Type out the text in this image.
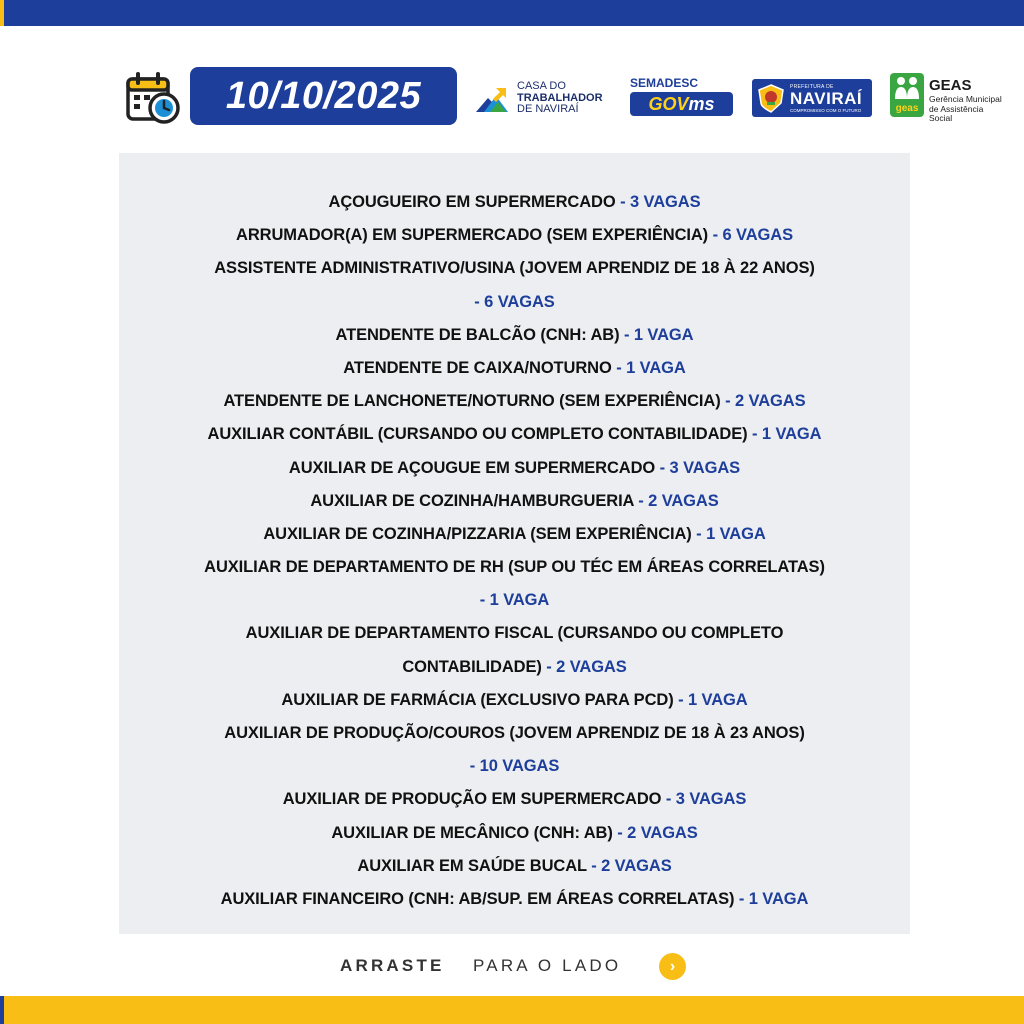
10/10/2025	CASA DO
TRABALHADOR
DE NAVIRAÍ
SEMADESC
GOV ms
PREFEITURA DE
NAVIRAÍ
COMPROMISSO COM O FUTURO	geas
GEAS
Gerência Municipal
de Assistência Social
AÇOUGUEIRO EM SUPERMERCADO - 3 VAGAS
ARRUMADOR(A) EM SUPERMERCADO (SEM EXPERIÊNCIA) - 6 VAGAS
ASSISTENTE ADMINISTRATIVO/USINA (JOVEM APRENDIZ DE 18 À 22 ANOS)
- 6 VAGAS
ATENDENTE DE BALCÃO (CNH: AB) - 1 VAGA
ATENDENTE DE CAIXA/NOTURNO - 1 VAGA
ATENDENTE DE LANCHONETE/NOTURNO (SEM EXPERIÊNCIA) - 2 VAGAS
AUXILIAR CONTÁBIL (CURSANDO OU COMPLETO CONTABILIDADE) - 1 VAGA
AUXILIAR DE AÇOUGUE EM SUPERMERCADO - 3 VAGAS
AUXILIAR DE COZINHA/HAMBURGUERIA - 2 VAGAS
AUXILIAR DE COZINHA/PIZZARIA (SEM EXPERIÊNCIA) - 1 VAGA
AUXILIAR DE DEPARTAMENTO DE RH (SUP OU TÉC EM ÁREAS CORRELATAS)
- 1 VAGA
AUXILIAR DE DEPARTAMENTO FISCAL (CURSANDO OU COMPLETO
CONTABILIDADE) - 2 VAGAS
AUXILIAR DE FARMÁCIA (EXCLUSIVO PARA PCD) - 1 VAGA
AUXILIAR DE PRODUÇÃO/COUROS (JOVEM APRENDIZ DE 18 À 23 ANOS)
- 10 VAGAS
AUXILIAR DE PRODUÇÃO EM SUPERMERCADO - 3 VAGAS
AUXILIAR DE MECÂNICO (CNH: AB) - 2 VAGAS
AUXILIAR EM SAÚDE BUCAL - 2 VAGAS
AUXILIAR FINANCEIRO (CNH: AB/SUP. EM ÁREAS CORRELATAS) - 1 VAGA
ARRASTE PARA O LADO	›
